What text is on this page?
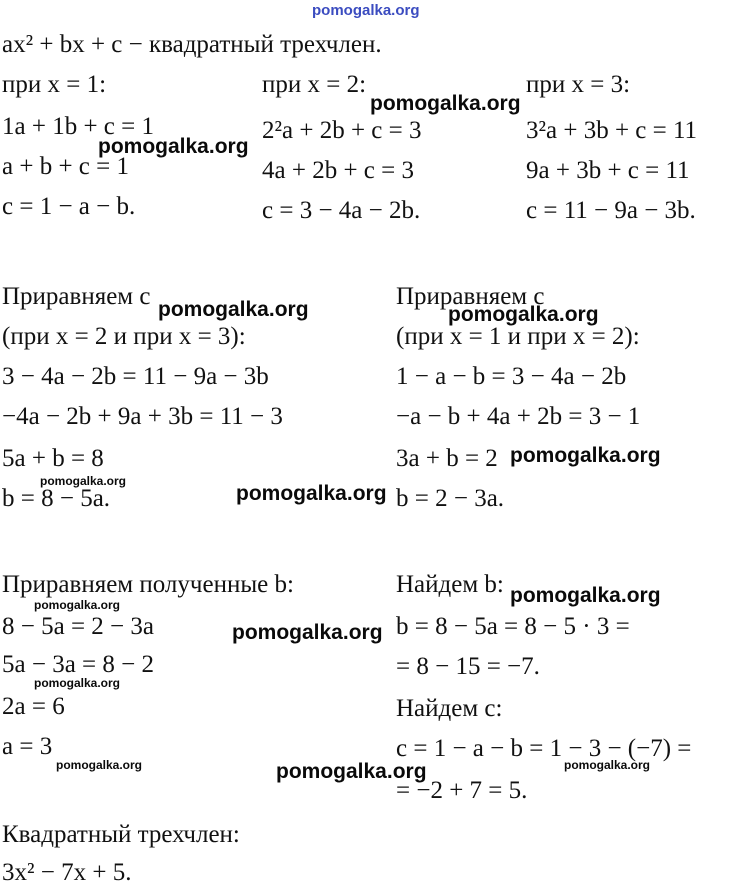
pomogalka.org
ax² + bx + c − квадратный трехчлен.
при x = 1:
1a + 1b + c = 1
a + b + c = 1
c = 1 − a − b.
при x = 2:
2²a + 2b + c = 3
4a + 2b + c = 3
c = 3 − 4a − 2b.
при x = 3:
3²a + 3b + c = 11
9a + 3b + c = 11
c = 11 − 9a − 3b.
Приравняем c
(при x = 2 и при x = 3):
3 − 4a − 2b = 11 − 9a − 3b
−4a − 2b + 9a + 3b = 11 − 3
5a + b = 8
b = 8 − 5a.
Приравняем c
(при x = 1 и при x = 2):
1 − a − b = 3 − 4a − 2b
−a − b + 4a + 2b = 3 − 1
3a + b = 2
b = 2 − 3a.
Приравняем полученные b:
8 − 5a = 2 − 3a
5a − 3a = 8 − 2
2a = 6
a = 3
Найдем b:
b = 8 − 5a = 8 − 5 · 3 =
= 8 − 15 = −7.
Найдем c:
c = 1 − a − b = 1 − 3 − (−7) =
= −2 + 7 = 5.
Квадратный трехчлен:
3x² − 7x + 5.
pomogalka.org
pomogalka.org
pomogalka.org	pomogalka.org
pomogalka.org
pomogalka.org
pomogalka.org
pomogalka.org
pomogalka.org
pomogalka.org
pomogalka.org
pomogalka.org
pomogalka.org	pomogalka.org
